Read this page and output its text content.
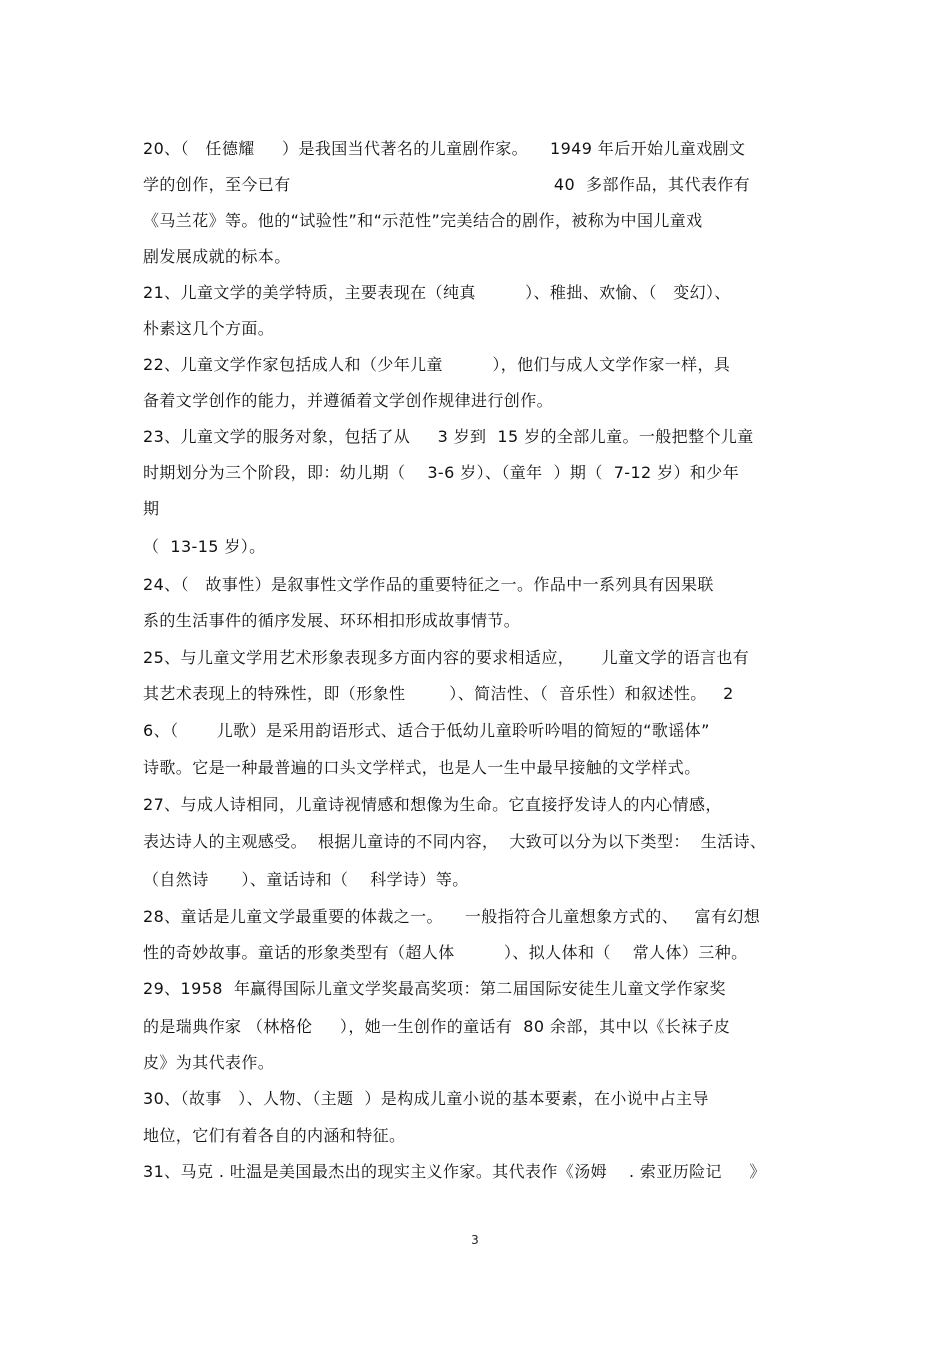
20、（   任德耀     ）是我国当代著名的儿童剧作家。    1949 年后开始儿童戏剧文
学的创作，至今已有                                                40  多部作品，其代表作有
《马兰花》等。他的“试验性”和“示范性”完美结合的剧作，被称为中国儿童戏
剧发展成就的标本。
21、儿童文学的美学特质，主要表现在（纯真         ）、稚拙、欢愉、（   变幻）、
朴素这几个方面。
22、儿童文学作家包括成人和（少年儿童         ），他们与成人文学作家一样，具
备着文学创作的能力，并遵循着文学创作规律进行创作。
23、儿童文学的服务对象，包括了从     3 岁到  15 岁的全部儿童。一般把整个儿童
时期划分为三个阶段，即：幼儿期（    3-6 岁）、（童年  ）期（  7-12 岁）和少年
期
（  13-15 岁）。
24、（   故事性）是叙事性文学作品的重要特征之一。作品中一系列具有因果联
系的生活事件的循序发展、环环相扣形成故事情节。
25、与儿童文学用艺术形象表现多方面内容的要求相适应，     儿童文学的语言也有
其艺术表现上的特殊性，即（形象性        ）、简洁性、（  音乐性）和叙述性。   2
6、（       儿歌）是采用韵语形式、适合于低幼儿童聆听吟唱的简短的“歌谣体”
诗歌。它是一种最普遍的口头文学样式，也是人一生中最早接触的文学样式。
27、与成人诗相同，儿童诗视情感和想像为生命。它直接抒发诗人的内心情感，
表达诗人的主观感受。  根据儿童诗的不同内容，  大致可以分为以下类型：  生活诗、
（自然诗      ）、童话诗和（    科学诗）等。
28、童话是儿童文学最重要的体裁之一。    一般指符合儿童想象方式的、   富有幻想
性的奇妙故事。童话的形象类型有（超人体         ）、拟人体和（    常人体）三种。
29、1958  年赢得国际儿童文学奖最高奖项：第二届国际安徒生儿童文学作家奖
的是瑞典作家 （林格伦     ），她一生创作的童话有  80 余部，其中以《长袜子皮
皮》为其代表作。
30、（故事   ）、人物、（主题  ）是构成儿童小说的基本要素，在小说中占主导
地位，它们有着各自的内涵和特征。
31、马克 . 吐温是美国最杰出的现实主义作家。其代表作《汤姆    . 索亚历险记     》
3
